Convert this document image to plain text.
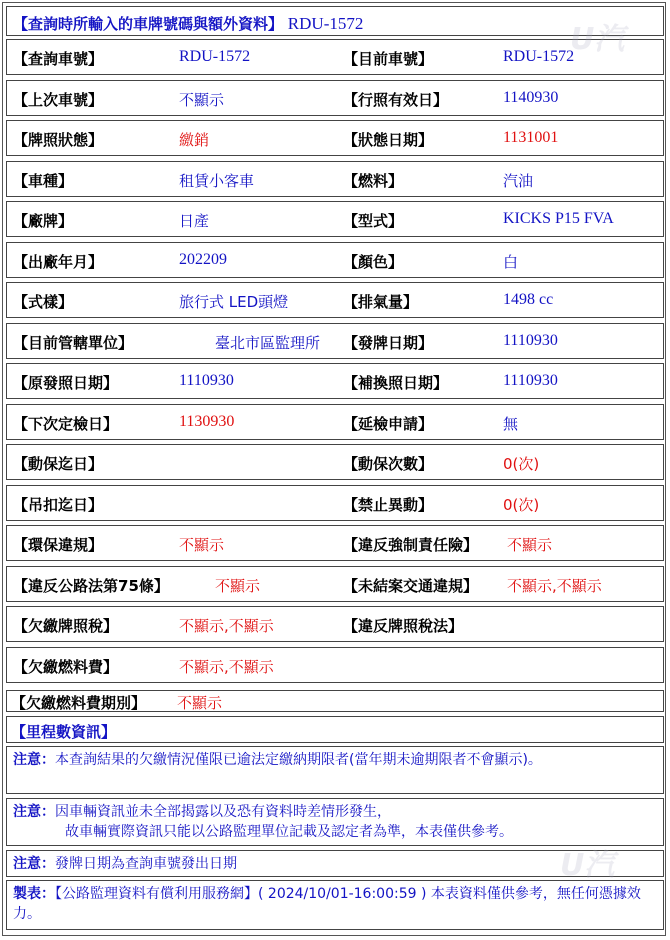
【查詢時所輸入的車牌號碼與額外資料】 RDU-1572
【查詢車號】	RDU-1572	【目前車號】	RDU-1572
【上次車號】	不顯示	【行照有效日】	1140930
【牌照狀態】	繳銷	【狀態日期】	1131001
【車種】	租賃小客車	【燃料】	汽油
【廠牌】	日產	【型式】	KICKS P15 FVA
【出廠年月】	202209	【顏色】	白
【式樣】	旅行式 LED頭燈	【排氣量】	1498 cc
【目前管轄單位】	臺北市區監理所 【發牌日期】	1110930
【原發照日期】	1110930	【補換照日期】	1110930
【下次定檢日】	1130930	【延檢申請】	無
【動保迄日】	【動保次數】	0(次)
【吊扣迄日】	【禁止異動】	0(次)
【環保違規】	不顯示	【違反強制責任險】 不顯示
【違反公路法第75條】	不顯示	【未結案交通違規】 不顯示,不顯示
【欠繳牌照稅】	不顯示,不顯示	【違反牌照稅法】
【欠繳燃料費】	不顯示,不顯示
【欠繳燃料費期別】 不顯示
【里程數資訊】
注意：本查詢結果的欠繳情況僅限已逾法定繳納期限者(當年期未逾期限者不會顯示)。
注意：因車輛資訊並未全部揭露以及恐有資料時差情形發生，
故車輛實際資訊只能以公路監理單位記載及認定者為準，本表僅供參考。
注意：發牌日期為查詢車號發出日期
製表：【公路監理資料有償利用服務網】( 2024/10/01-16:00:59 ) 本表資料僅供參考，無任何憑據效力。
U汽
U汽
